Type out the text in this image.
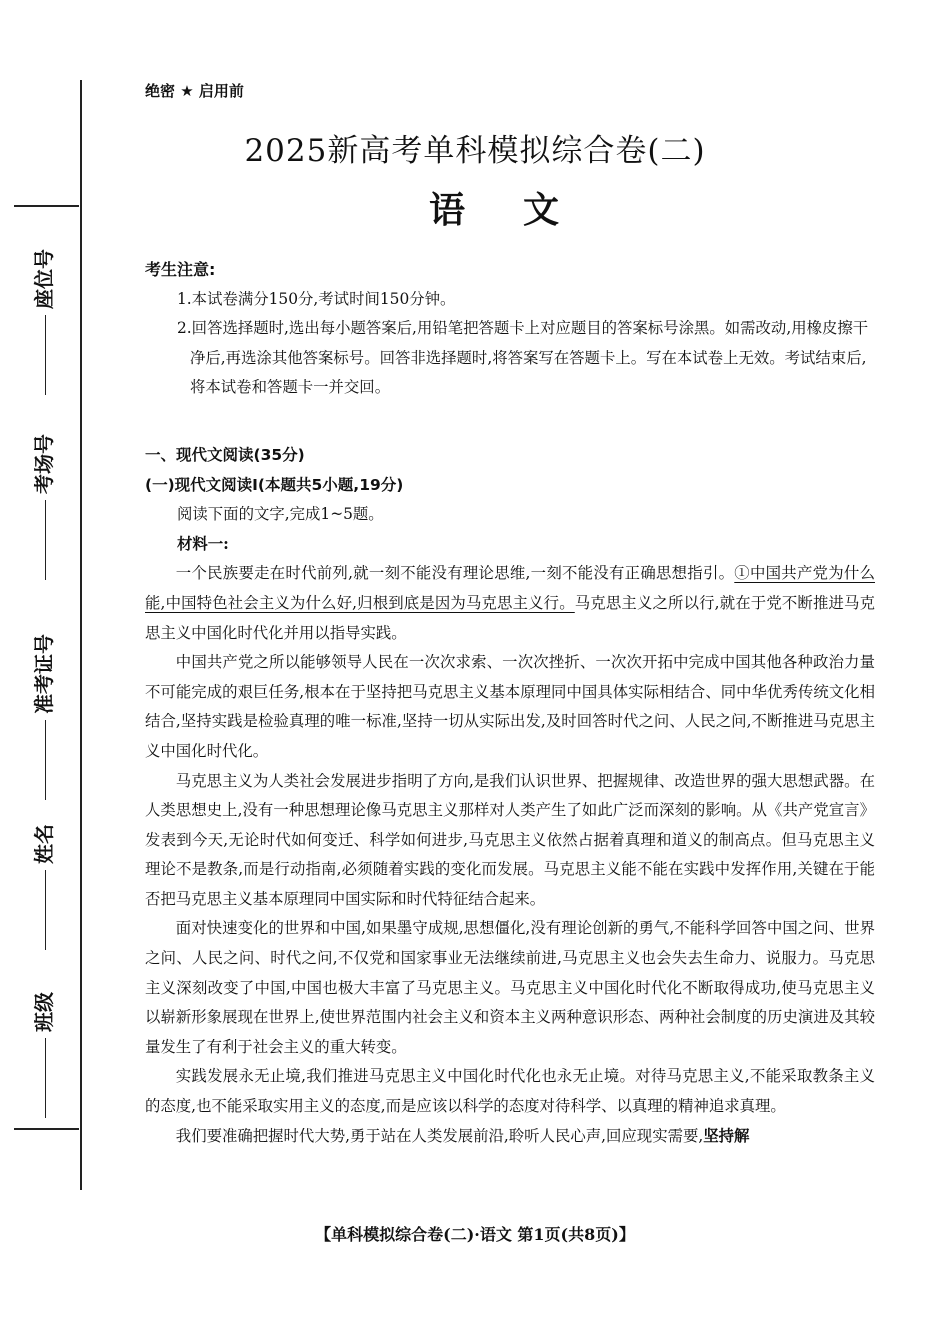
座位号
考场号
准考证号
姓名
班级
绝密 ★ 启用前
2025新高考单科模拟综合卷(二)
语文
考生注意:

1.本试卷满分150分,考试时间150分钟。

2.回答选择题时,选出每小题答案后,用铅笔把答题卡上对应题目的答案标号涂黑。如需改动,用橡皮擦干净后,再选涂其他答案标号。回答非选择题时,将答案写在答题卡上。写在本试卷上无效。考试结束后,将本试卷和答题卡一并交回。

一、现代文阅读(35分)
(一)现代文阅读Ⅰ(本题共5小题,19分)
阅读下面的文字,完成1~5题。
材料一:

一个民族要走在时代前列,就一刻不能没有理论思维,一刻不能没有正确思想指引。①中国共产党为什么能,中国特色社会主义为什么好,归根到底是因为马克思主义行。马克思主义之所以行,就在于党不断推进马克思主义中国化时代化并用以指导实践。

中国共产党之所以能够领导人民在一次次求索、一次次挫折、一次次开拓中完成中国其他各种政治力量不可能完成的艰巨任务,根本在于坚持把马克思主义基本原理同中国具体实际相结合、同中华优秀传统文化相结合,坚持实践是检验真理的唯一标准,坚持一切从实际出发,及时回答时代之问、人民之问,不断推进马克思主义中国化时代化。

马克思主义为人类社会发展进步指明了方向,是我们认识世界、把握规律、改造世界的强大思想武器。在人类思想史上,没有一种思想理论像马克思主义那样对人类产生了如此广泛而深刻的影响。从《共产党宣言》发表到今天,无论时代如何变迁、科学如何进步,马克思主义依然占据着真理和道义的制高点。但马克思主义理论不是教条,而是行动指南,必须随着实践的变化而发展。马克思主义能不能在实践中发挥作用,关键在于能否把马克思主义基本原理同中国实际和时代特征结合起来。

面对快速变化的世界和中国,如果墨守成规,思想僵化,没有理论创新的勇气,不能科学回答中国之问、世界之问、人民之问、时代之问,不仅党和国家事业无法继续前进,马克思主义也会失去生命力、说服力。马克思主义深刻改变了中国,中国也极大丰富了马克思主义。马克思主义中国化时代化不断取得成功,使马克思主义以崭新形象展现在世界上,使世界范围内社会主义和资本主义两种意识形态、两种社会制度的历史演进及其较量发生了有利于社会主义的重大转变。

实践发展永无止境,我们推进马克思主义中国化时代化也永无止境。对待马克思主义,不能采取教条主义的态度,也不能采取实用主义的态度,而是应该以科学的态度对待科学、以真理的精神追求真理。

我们要准确把握时代大势,勇于站在人类发展前沿,聆听人民心声,回应现实需要,坚持解

【单科模拟综合卷(二)·语文 第1页(共8页)】
